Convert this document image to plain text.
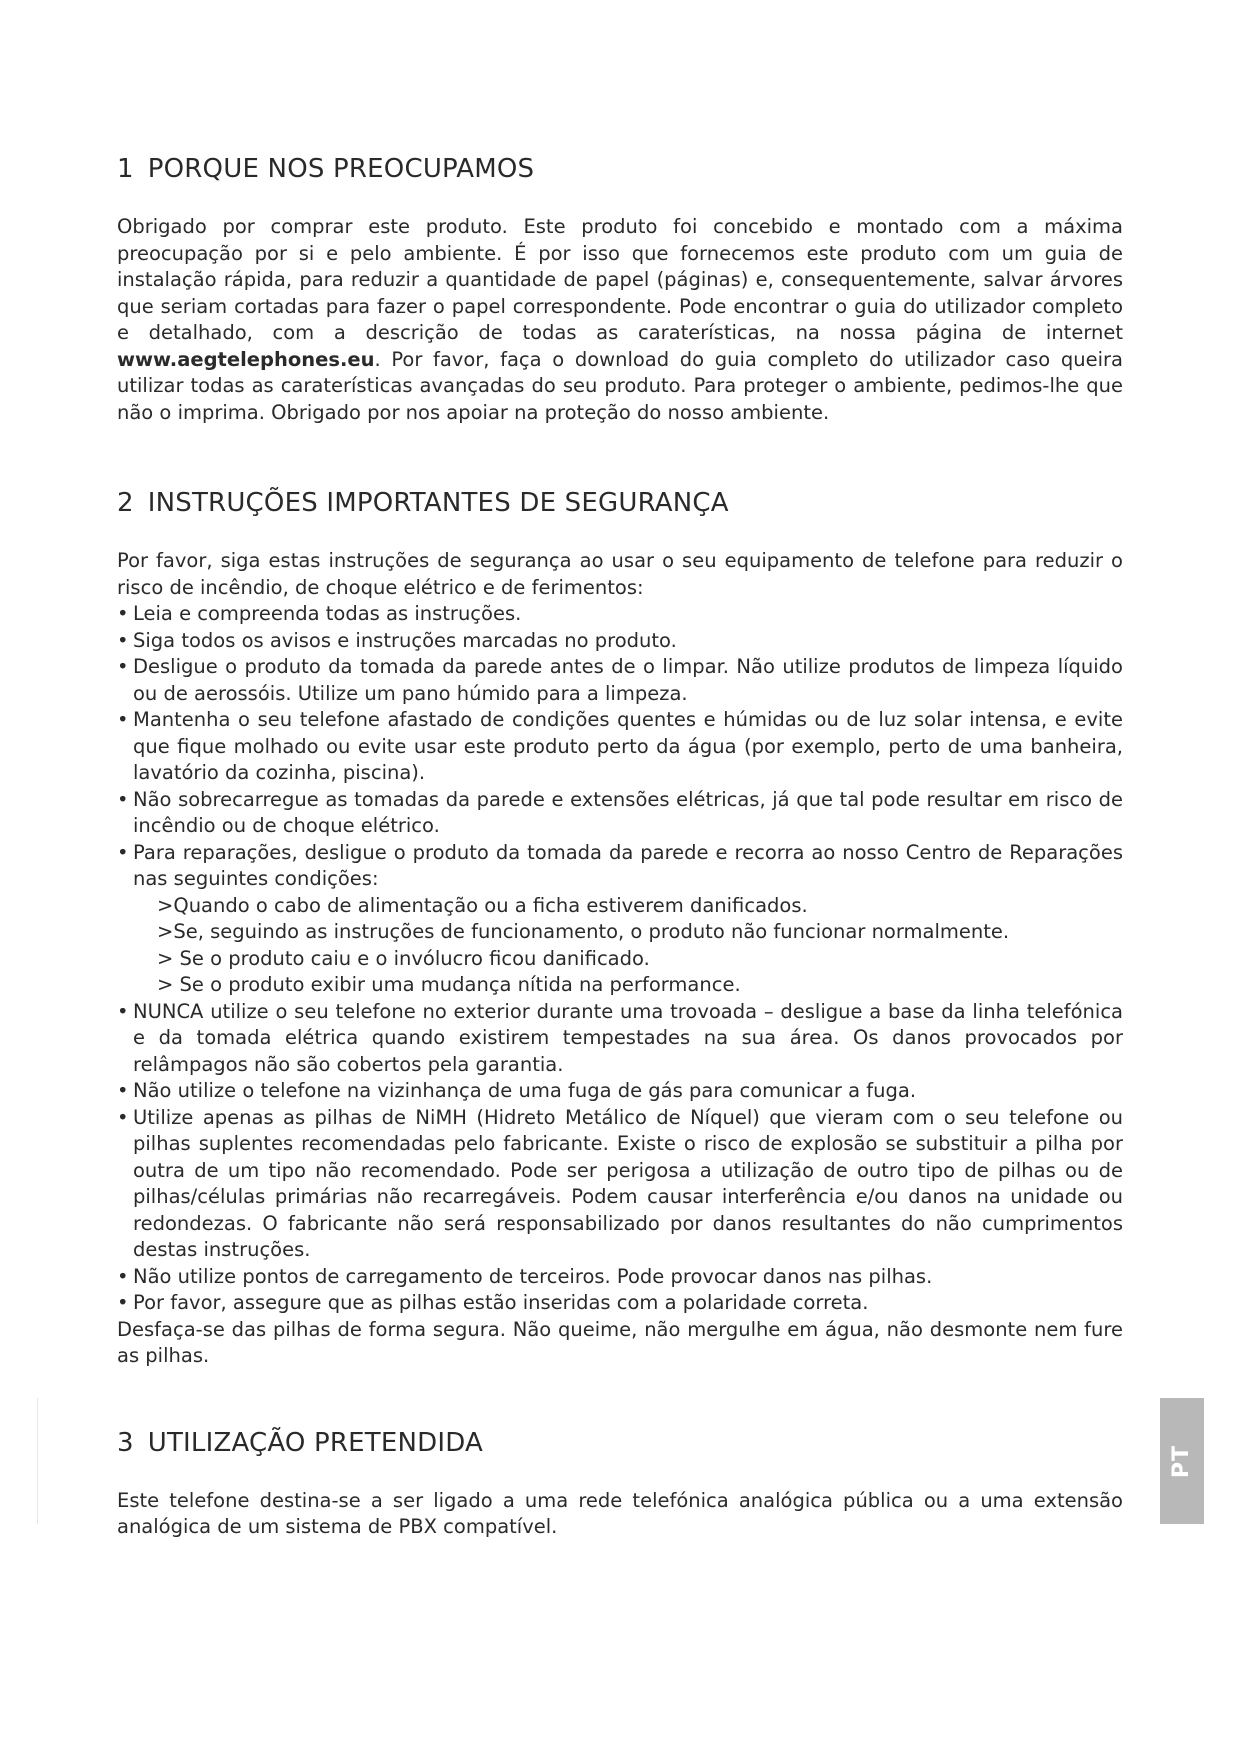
1 PORQUE NOS PREOCUPAMOS

Obrigado por comprar este produto. Este produto foi concebido e montado com a máxima preocupação por si e pelo ambiente. É por isso que fornecemos este produto com um guia de instalação rápida, para reduzir a quantidade de papel (páginas) e, consequentemente, salvar árvores que seriam cortadas para fazer o papel correspondente. Pode encontrar o guia do utilizador completo e detalhado, com a descrição de todas as caraterísticas, na nossa página de internet www.aegtelephones.eu. Por favor, faça o download do guia completo do utilizador caso queira utilizar todas as caraterísticas avançadas do seu produto. Para proteger o ambiente, pedimos-lhe que não o imprima. Obrigado por nos apoiar na proteção do nosso ambiente.

2 INSTRUÇÕES IMPORTANTES DE SEGURANÇA

Por favor, siga estas instruções de segurança ao usar o seu equipamento de telefone para reduzir o risco de incêndio, de choque elétrico e de ferimentos:

• Leia e compreenda todas as instruções.
• Siga todos os avisos e instruções marcadas no produto.
• Desligue o produto da tomada da parede antes de o limpar. Não utilize produtos de limpeza líquido ou de aerossóis. Utilize um pano húmido para a limpeza.
• Mantenha o seu telefone afastado de condições quentes e húmidas ou de luz solar intensa, e evite que fique molhado ou evite usar este produto perto da água (por exemplo, perto de uma banheira, lavatório da cozinha, piscina).
• Não sobrecarregue as tomadas da parede e extensões elétricas, já que tal pode resultar em risco de incêndio ou de choque elétrico.
• Para reparações, desligue o produto da tomada da parede e recorra ao nosso Centro de Reparações nas seguintes condições:
>Quando o cabo de alimentação ou a ficha estiverem danificados.
>Se, seguindo as instruções de funcionamento, o produto não funcionar normalmente.
> Se o produto caiu e o invólucro ficou danificado.
> Se o produto exibir uma mudança nítida na performance.
• NUNCA utilize o seu telefone no exterior durante uma trovoada – desligue a base da linha telefónica e da tomada elétrica quando existirem tempestades na sua área. Os danos provocados por relâmpagos não são cobertos pela garantia.
• Não utilize o telefone na vizinhança de uma fuga de gás para comunicar a fuga.
• Utilize apenas as pilhas de NiMH (Hidreto Metálico de Níquel) que vieram com o seu telefone ou pilhas suplentes recomendadas pelo fabricante. Existe o risco de explosão se substituir a pilha por outra de um tipo não recomendado. Pode ser perigosa a utilização de outro tipo de pilhas ou de pilhas/células primárias não recarregáveis. Podem causar interferência e/ou danos na unidade ou redondezas. O fabricante não será responsabilizado por danos resultantes do não cumprimentos destas instruções.
• Não utilize pontos de carregamento de terceiros. Pode provocar danos nas pilhas.
• Por favor, assegure que as pilhas estão inseridas com a polaridade correta.

Desfaça-se das pilhas de forma segura. Não queime, não mergulhe em água, não desmonte nem fure as pilhas.

3 UTILIZAÇÃO PRETENDIDA

Este telefone destina-se a ser ligado a uma rede telefónica analógica pública ou a uma extensão analógica de um sistema de PBX compatível.

PT
